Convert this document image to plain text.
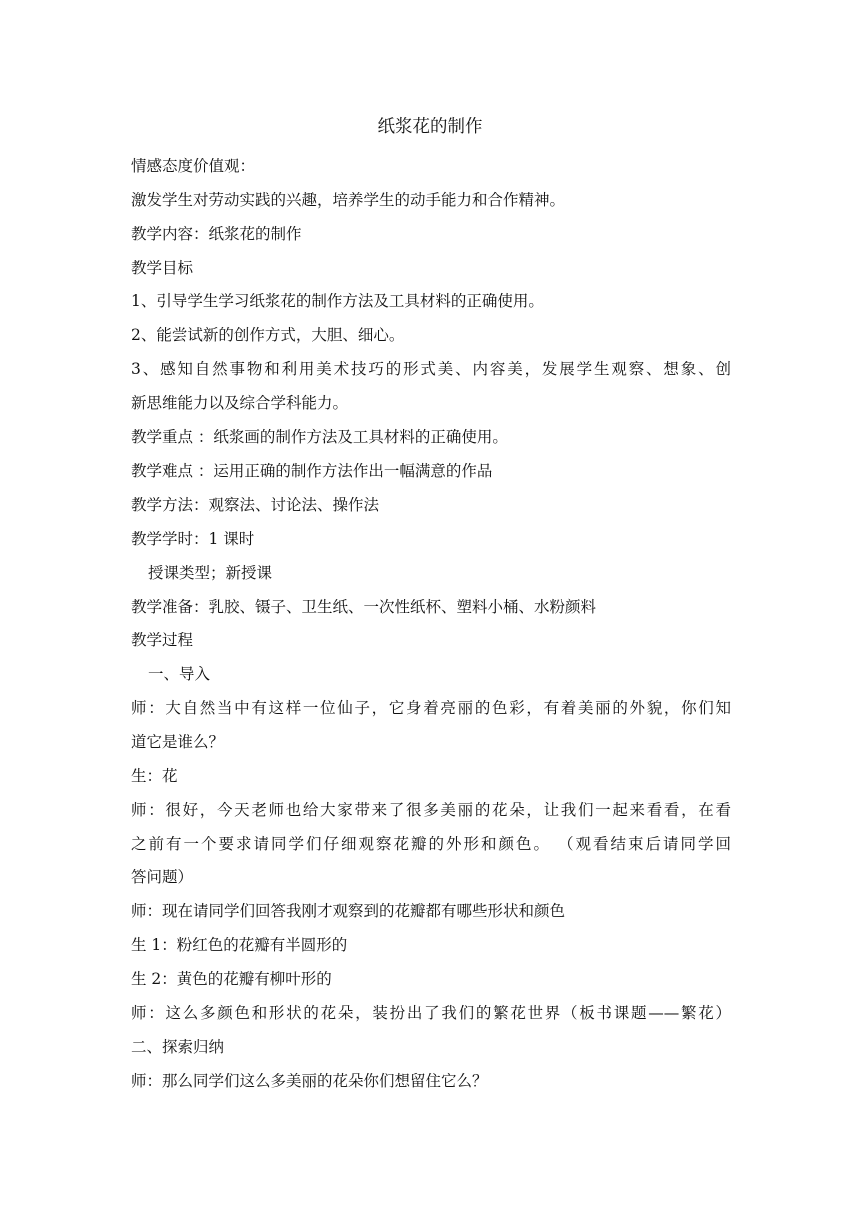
纸浆花的制作
情感态度价值观：
激发学生对劳动实践的兴趣，培养学生的动手能力和合作精神。
教学内容：纸浆花的制作
教学目标
1、引导学生学习纸浆花的制作方法及工具材料的正确使用。
2、能尝试新的创作方式，大胆、细心。
3、感知自然事物和利用美术技巧的形式美、内容美，发展学生观察、想象、创
新思维能力以及综合学科能力。
教学重点 ：纸浆画的制作方法及工具材料的正确使用。
教学难点 ：运用正确的制作方法作出一幅满意的作品
教学方法：观察法、讨论法、操作法
教学学时：1 课时
授课类型；新授课
教学准备：乳胶、镊子、卫生纸、一次性纸杯、塑料小桶、水粉颜料
教学过程
一、导入
师：大自然当中有这样一位仙子，它身着亮丽的色彩，有着美丽的外貌，你们知
道它是谁么？
生：花
师：很好，今天老师也给大家带来了很多美丽的花朵，让我们一起来看看，在看
之前有一个要求请同学们仔细观察花瓣的外形和颜色。 （观看结束后请同学回
答问题）
师：现在请同学们回答我刚才观察到的花瓣都有哪些形状和颜色
生 1：粉红色的花瓣有半圆形的
生 2：黄色的花瓣有柳叶形的
师：这么多颜色和形状的花朵，装扮出了我们的繁花世界（板书课题——繁花）
二、探索归纳
师：那么同学们这么多美丽的花朵你们想留住它么？
